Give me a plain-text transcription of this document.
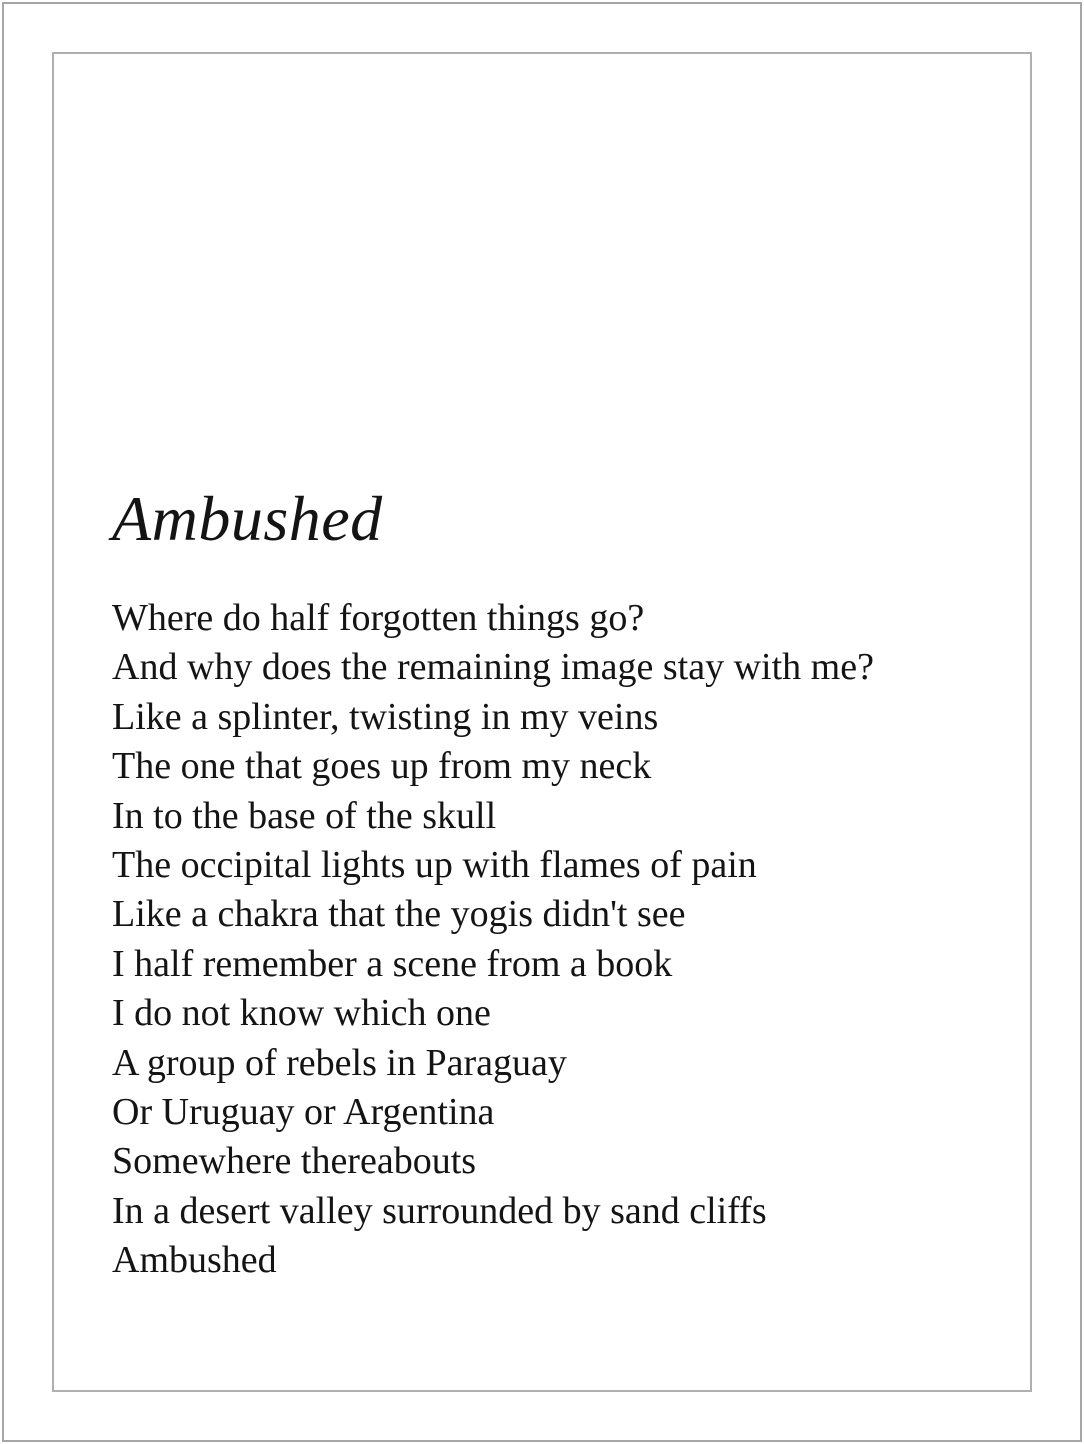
Ambushed
Where do half forgotten things go?
And why does the remaining image stay with me?
Like a splinter, twisting in my veins
The one that goes up from my neck
In to the base of the skull
The occipital lights up with flames of pain
Like a chakra that the yogis didn't see
I half remember a scene from a book
I do not know which one
A group of rebels in Paraguay
Or Uruguay or Argentina
Somewhere thereabouts
In a desert valley surrounded by sand cliffs
Ambushed
